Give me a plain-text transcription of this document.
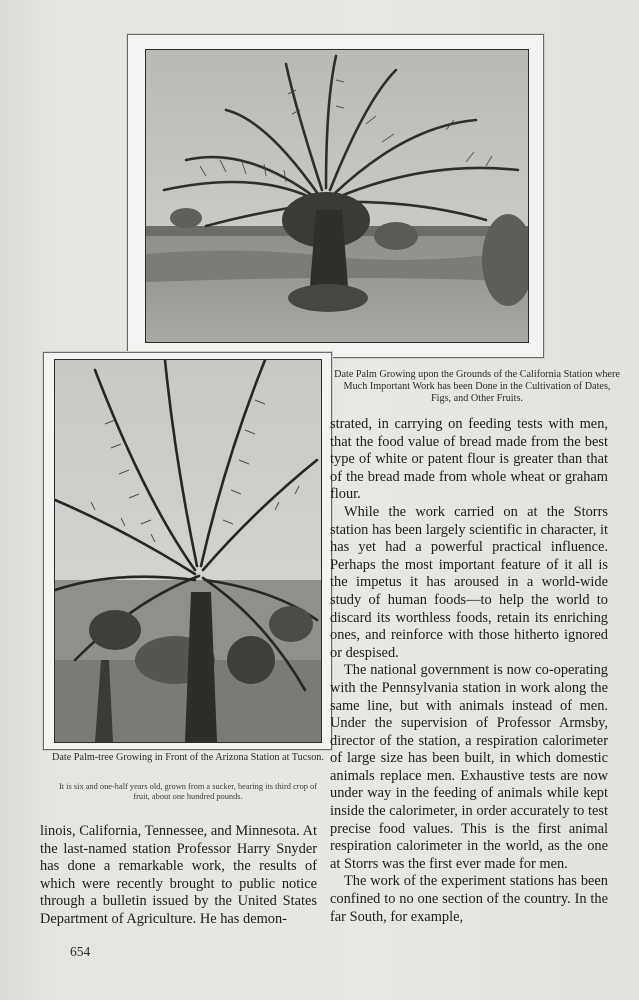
Date Palm Growing upon the Grounds of the California Station where Much Important Work has been Done in the Cultivation of Dates, Figs, and Other Fruits.
Date Palm-tree Growing in Front of the Arizona Station at Tucson.
It is six and one-half years old, grown from a sucker, bearing its third crop of fruit, about one hundred pounds.

strated, in carrying on feeding tests with men, that the food value of bread made from the best type of white or patent flour is greater than that of the bread made from whole wheat or graham flour.

While the work carried on at the Storrs station has been largely scientific in character, it has yet had a powerful practical influence. Perhaps the most important feature of it all is the impetus it has aroused in a world-wide study of human foods—to help the world to discard its worthless foods, retain its enriching ones, and reinforce with those hitherto ignored or despised.

The national government is now co-operating with the Pennsylvania station in work along the same line, but with animals instead of men. Under the supervision of Professor Armsby, director of the station, a respiration calorimeter of large size has been built, in which domestic animals replace men. Exhaustive tests are now under way in the feeding of animals while kept inside the calorimeter, in order accurately to test precise food values. This is the first animal respiration calorimeter in the world, as the one at Storrs was the first ever made for men.

The work of the experiment stations has been confined to no one section of the country. In the far South, for example,

linois, California, Tennessee, and Minnesota. At the last-named station Professor Harry Snyder has done a remarkable work, the results of which were recently brought to public notice through a bulletin issued by the United States Department of Agriculture. He has demon-

654
